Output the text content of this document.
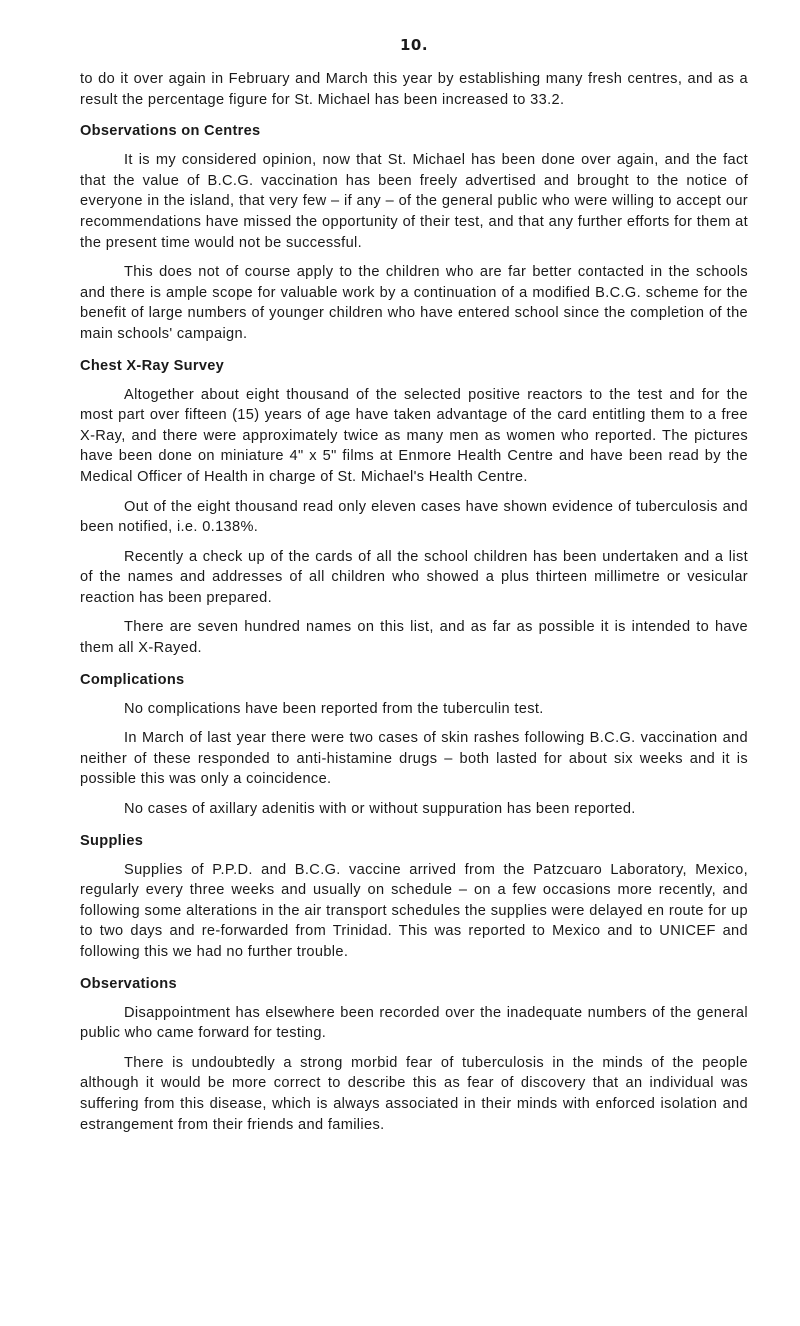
10.

to do it over again in February and March this year by establishing many fresh centres, and as a result the percentage figure for St. Michael has been increased to 33.2.

Observations on Centres

It is my considered opinion, now that St. Michael has been done over again, and the fact that the value of B.C.G. vaccination has been freely advertised and brought to the notice of everyone in the island, that very few – if any – of the general public who were willing to accept our recommendations have missed the opportunity of their test, and that any further efforts for them at the present time would not be successful.

This does not of course apply to the children who are far better contacted in the schools and there is ample scope for valuable work by a continuation of a modified B.C.G. scheme for the benefit of large numbers of younger children who have entered school since the completion of the main schools' campaign.

Chest X-Ray Survey

Altogether about eight thousand of the selected positive reactors to the test and for the most part over fifteen (15) years of age have taken advantage of the card entitling them to a free X-Ray, and there were approximately twice as many men as women who reported. The pictures have been done on miniature 4" x 5" films at Enmore Health Centre and have been read by the Medical Officer of Health in charge of St. Michael's Health Centre.

Out of the eight thousand read only eleven cases have shown evidence of tuberculosis and been notified, i.e. 0.138%.

Recently a check up of the cards of all the school children has been undertaken and a list of the names and addresses of all children who showed a plus thirteen millimetre or vesicular reaction has been prepared.

There are seven hundred names on this list, and as far as possible it is intended to have them all X-Rayed.

Complications

No complications have been reported from the tuberculin test.

In March of last year there were two cases of skin rashes following B.C.G. vaccination and neither of these responded to anti-histamine drugs – both lasted for about six weeks and it is possible this was only a coincidence.

No cases of axillary adenitis with or without suppuration has been reported.

Supplies

Supplies of P.P.D. and B.C.G. vaccine arrived from the Patzcuaro Laboratory, Mexico, regularly every three weeks and usually on schedule – on a few occasions more recently, and following some alterations in the air transport schedules the supplies were delayed en route for up to two days and re-forwarded from Trinidad. This was reported to Mexico and to UNICEF and following this we had no further trouble.

Observations

Disappointment has elsewhere been recorded over the inadequate numbers of the general public who came forward for testing.

There is undoubtedly a strong morbid fear of tuberculosis in the minds of the people although it would be more correct to describe this as fear of discovery that an individual was suffering from this disease, which is always associated in their minds with enforced isolation and estrangement from their friends and families.
